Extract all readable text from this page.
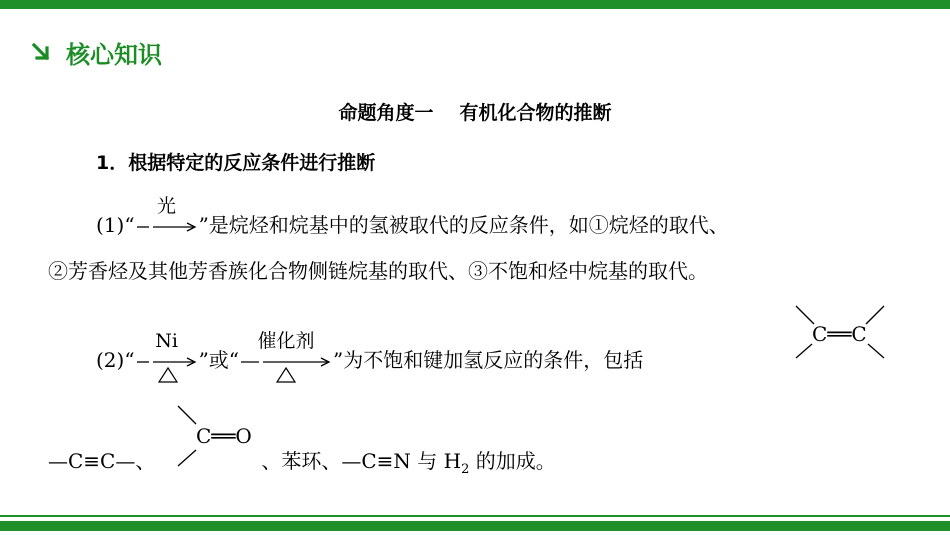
核心知识
命题角度一 有机化合物的推断
1．根据特定的反应条件进行推断
(1)“
光
”是烷烃和烷基中的氢被取代的反应条件，如①烷烃的取代、
②芳香烃及其他芳香族化合物侧链烷基的取代、③不饱和烃中烷基的取代。
(2)“
Ni
”或“
催化剂
”为不饱和键加氢反应的条件，包括
C══C
—C≡C—、	、苯环、—C≡N 与 $H_2$ 的加成。
C══O
